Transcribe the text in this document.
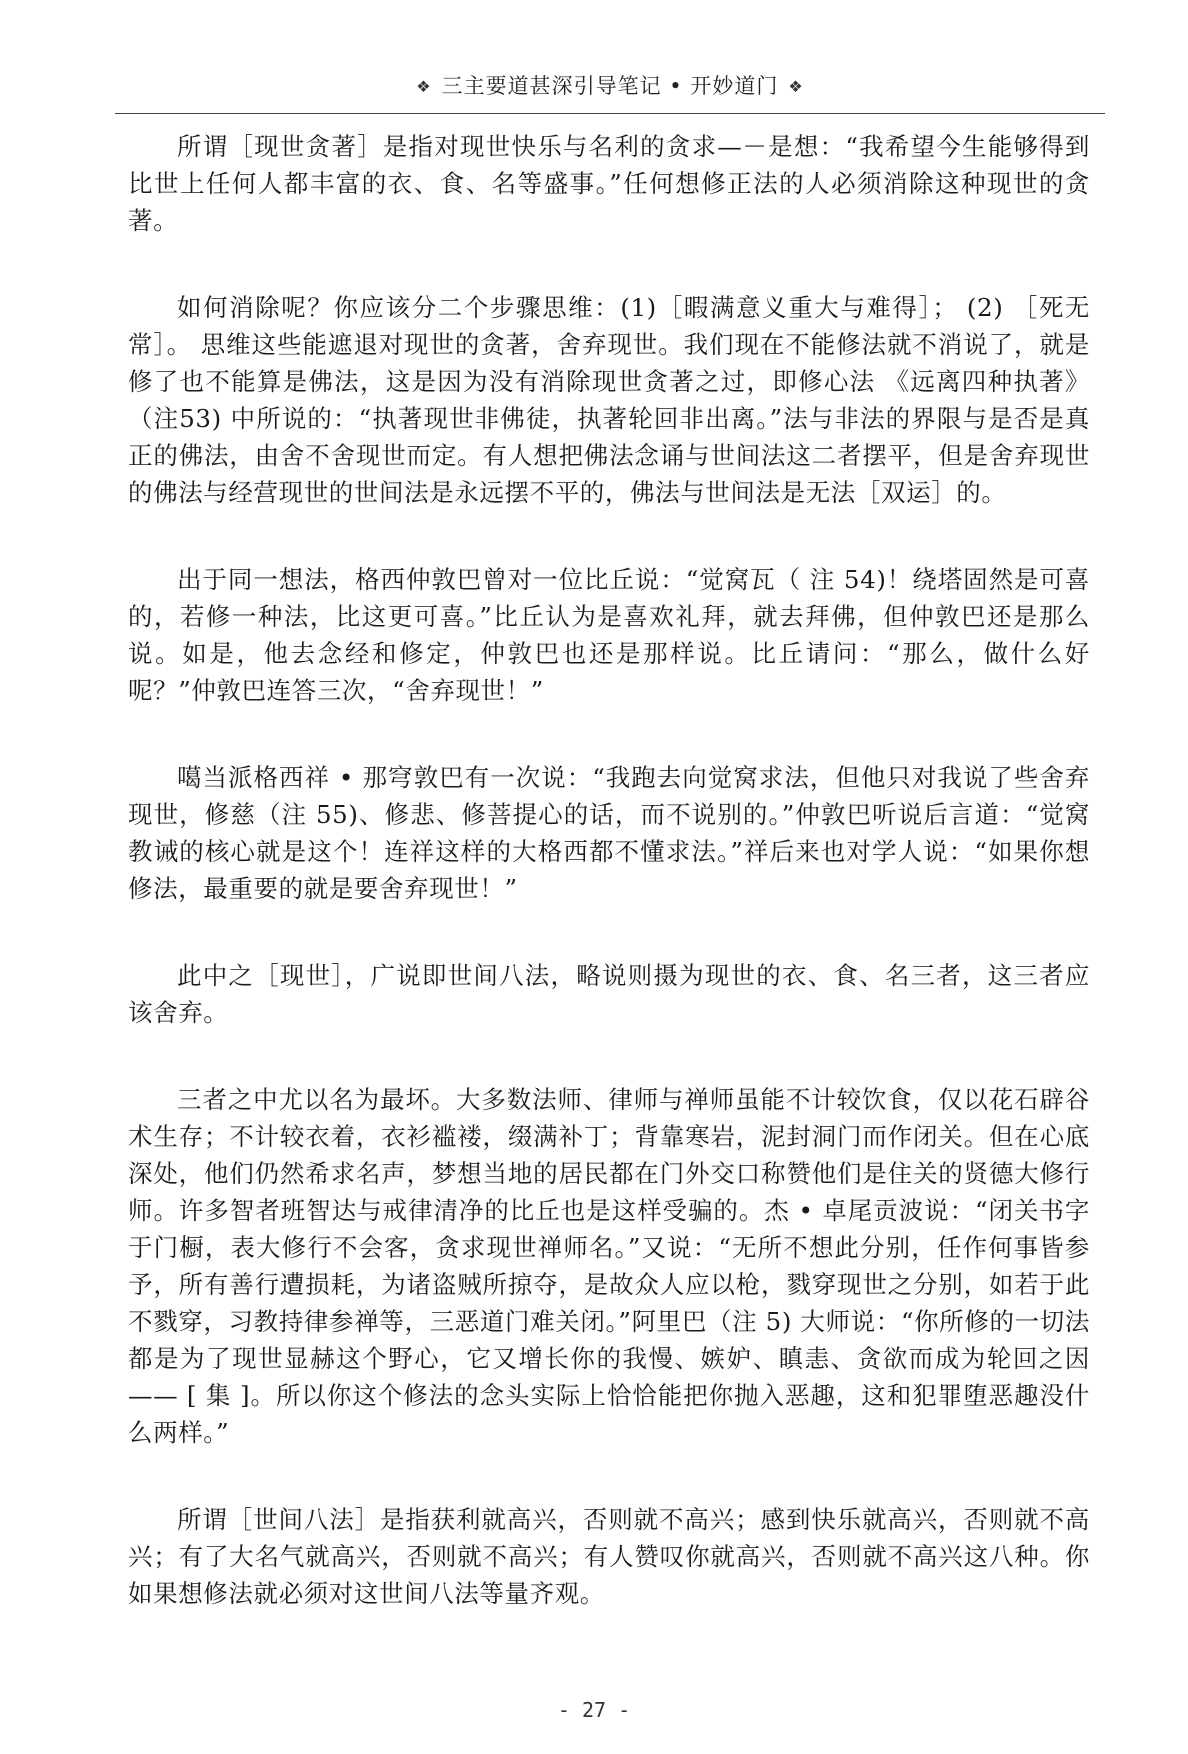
❖ 三主要道甚深引导笔记 • 开妙道门 ❖

所谓［现世贪著］是指对现世快乐与名利的贪求—－是想：“我希望今生能够得到比世上任何人都丰富的衣、食、名等盛事。”任何想修正法的人必须消除这种现世的贪著。

如何消除呢？你应该分二个步骤思维：(1)［暇满意义重大与难得］； (2) ［死无常］。 思维这些能遮退对现世的贪著，舍弃现世。我们现在不能修法就不消说了，就是修了也不能算是佛法，这是因为没有消除现世贪著之过，即修心法 《远离四种执著》（注53) 中所说的：“执著现世非佛徒，执著轮回非出离。”法与非法的界限与是否是真正的佛法，由舍不舍现世而定。有人想把佛法念诵与世间法这二者摆平，但是舍弃现世的佛法与经营现世的世间法是永远摆不平的，佛法与世间法是无法［双运］的。

出于同一想法，格西仲敦巴曾对一位比丘说：“觉窝瓦（ 注 54)！绕塔固然是可喜的，若修一种法，比这更可喜。”比丘认为是喜欢礼拜，就去拜佛，但仲敦巴还是那么说。如是，他去念经和修定，仲敦巴也还是那样说。比丘请问：“那么，做什么好呢？”仲敦巴连答三次，“舍弃现世！”

噶当派格西祥 • 那穹敦巴有一次说：“我跑去向觉窝求法，但他只对我说了些舍弃现世，修慈（注 55)、修悲、修菩提心的话，而不说别的。”仲敦巴听说后言道：“觉窝教诫的核心就是这个！连祥这样的大格西都不懂求法。”祥后来也对学人说：“如果你想修法，最重要的就是要舍弃现世！”

此中之［现世］，广说即世间八法，略说则摄为现世的衣、食、名三者，这三者应该舍弃。

三者之中尤以名为最坏。大多数法师、律师与禅师虽能不计较饮食，仅以花石辟谷术生存；不计较衣着，衣衫褴褛，缀满补丁；背靠寒岩，泥封洞门而作闭关。但在心底深处，他们仍然希求名声，梦想当地的居民都在门外交口称赞他们是住关的贤德大修行师。许多智者班智达与戒律清净的比丘也是这样受骗的。杰 • 卓尾贡波说：“闭关书字于门橱，表大修行不会客，贪求现世禅师名。”又说：“无所不想此分别，任作何事皆参予，所有善行遭损耗，为诸盗贼所掠夺，是故众人应以枪，戮穿现世之分别，如若于此不戮穿，习教持律参禅等，三恶道门难关闭。”阿里巴（注 5) 大师说：“你所修的一切法都是为了现世显赫这个野心，它又增长你的我慢、嫉妒、瞋恚、贪欲而成为轮回之因—— [ 集 ]。所以你这个修法的念头实际上恰恰能把你抛入恶趣，这和犯罪堕恶趣没什么两样。”

所谓［世间八法］是指获利就高兴，否则就不高兴；感到快乐就高兴，否则就不高兴；有了大名气就高兴，否则就不高兴；有人赞叹你就高兴，否则就不高兴这八种。你如果想修法就必须对这世间八法等量齐观。

- 27 -
